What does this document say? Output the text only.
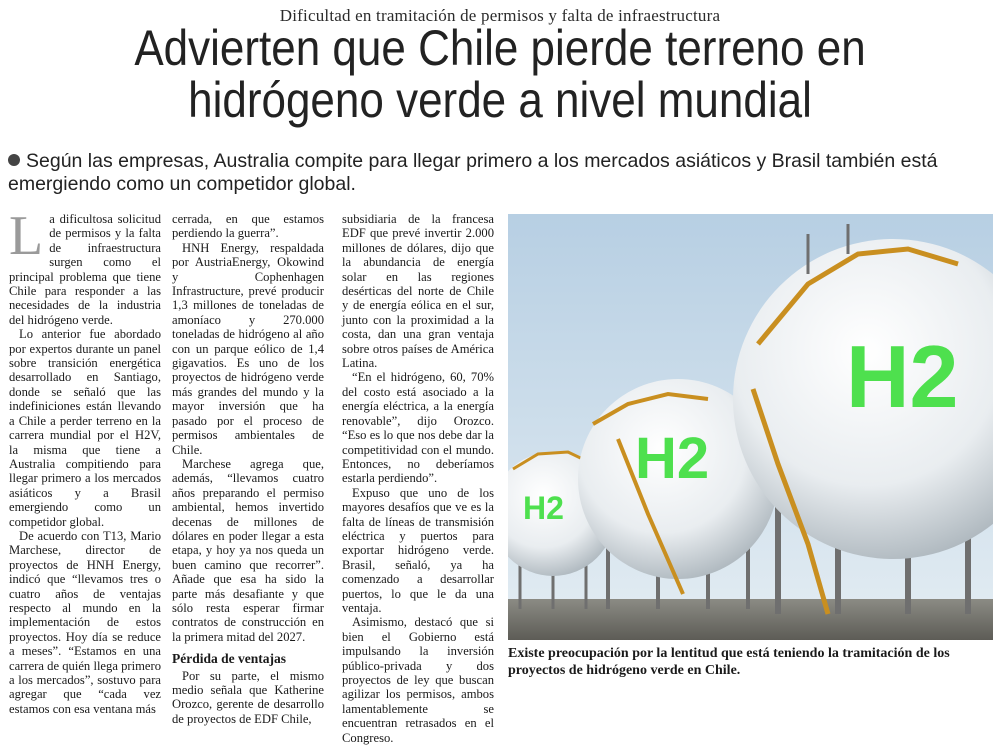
Dificultad en tramitación de permisos y falta de infraestructura
Advierten que Chile pierde terreno en
hidrógeno verde a nivel mundial
Según las empresas, Australia compite para llegar primero a los mercados asiáticos y Brasil también está emergiendo como un competidor global.

La dificultosa solicitud de permisos y la falta de infraestructura surgen como el principal problema que tiene Chile para responder a las necesidades de la industria del hidrógeno verde.

Lo anterior fue abordado por expertos durante un panel sobre transición energética desarrollado en Santiago, donde se señaló que las indefiniciones están llevando a Chile a perder terreno en la carrera mundial por el H2V, la misma que tiene a Australia compitiendo para llegar primero a los mercados asiáticos y a Brasil emergiendo como un competidor global.

De acuerdo con T13, Mario Marchese, director de proyectos de HNH Energy, indicó que “llevamos tres o cuatro años de ventajas respecto al mundo en la implementación de estos proyectos. Hoy día se reduce a meses”. “Estamos en una carrera de quién llega primero a los mercados”, sostuvo para agregar que “cada vez estamos con esa ventana más

cerrada, en que estamos perdiendo la guerra”.

HNH Energy, respaldada por AustriaEnergy, Okowind y Cophenhagen Infrastructure, prevé producir 1,3 millones de toneladas de amoníaco y 270.000 toneladas de hidrógeno al año con un parque eólico de 1,4 gigavatios. Es uno de los proyectos de hidrógeno verde más grandes del mundo y la mayor inversión que ha pasado por el proceso de permisos ambientales de Chile.

Marchese agrega que, además, “llevamos cuatro años preparando el permiso ambiental, hemos invertido decenas de millones de dólares en poder llegar a esta etapa, y hoy ya nos queda un buen camino que recorrer”. Añade que esa ha sido la parte más desafiante y que sólo resta esperar firmar contratos de construcción en la primera mitad del 2027.

Pérdida de ventajas

Por su parte, el mismo medio señala que Katherine Orozco, gerente de desarrollo de proyectos de EDF Chile,

subsidiaria de la francesa EDF que prevé invertir 2.000 millones de dólares, dijo que la abundancia de energía solar en las regiones desérticas del norte de Chile y de energía eólica en el sur, junto con la proximidad a la costa, dan una gran ventaja sobre otros países de América Latina.

“En el hidrógeno, 60, 70% del costo está asociado a la energía eléctrica, a la energía renovable”, dijo Orozco. “Eso es lo que nos debe dar la competitividad con el mundo. Entonces, no deberíamos estarla perdiendo”.

Expuso que uno de los mayores desafíos que ve es la falta de líneas de transmisión eléctrica y puertos para exportar hidrógeno verde. Brasil, señaló, ya ha comenzado a desarrollar puertos, lo que le da una ventaja.

Asimismo, destacó que si bien el Gobierno está impulsando la inversión público-privada y dos proyectos de ley que buscan agilizar los permisos, ambos lamentablemente se encuentran retrasados en el Congreso.

H2
H2
H2
Existe preocupación por la lentitud que está teniendo la tramitación de los proyectos de hidrógeno verde en Chile.
